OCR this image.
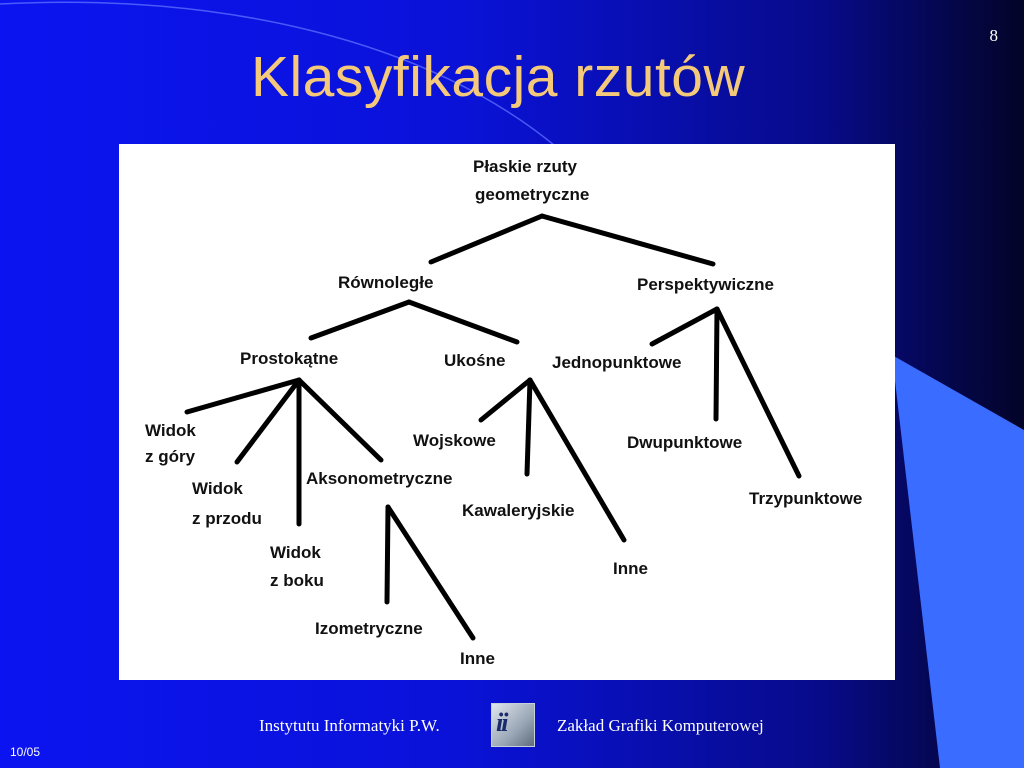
8
Klasyfikacja rzutów
Płaskie rzuty
geometryczne
Równoległe	Perspektywiczne
Prostokątne	Ukośne	Jednopunktowe
Widok
z góry
Wojskowe	Dwupunktowe
Aksonometryczne
Widok
z przodu
Trzypunktowe
Kawaleryjskie
Widok
z boku
Inne
Izometryczne
Inne
Instytutu Informatyki P.W. ii	Zakład Grafiki Komputerowej
10/05
